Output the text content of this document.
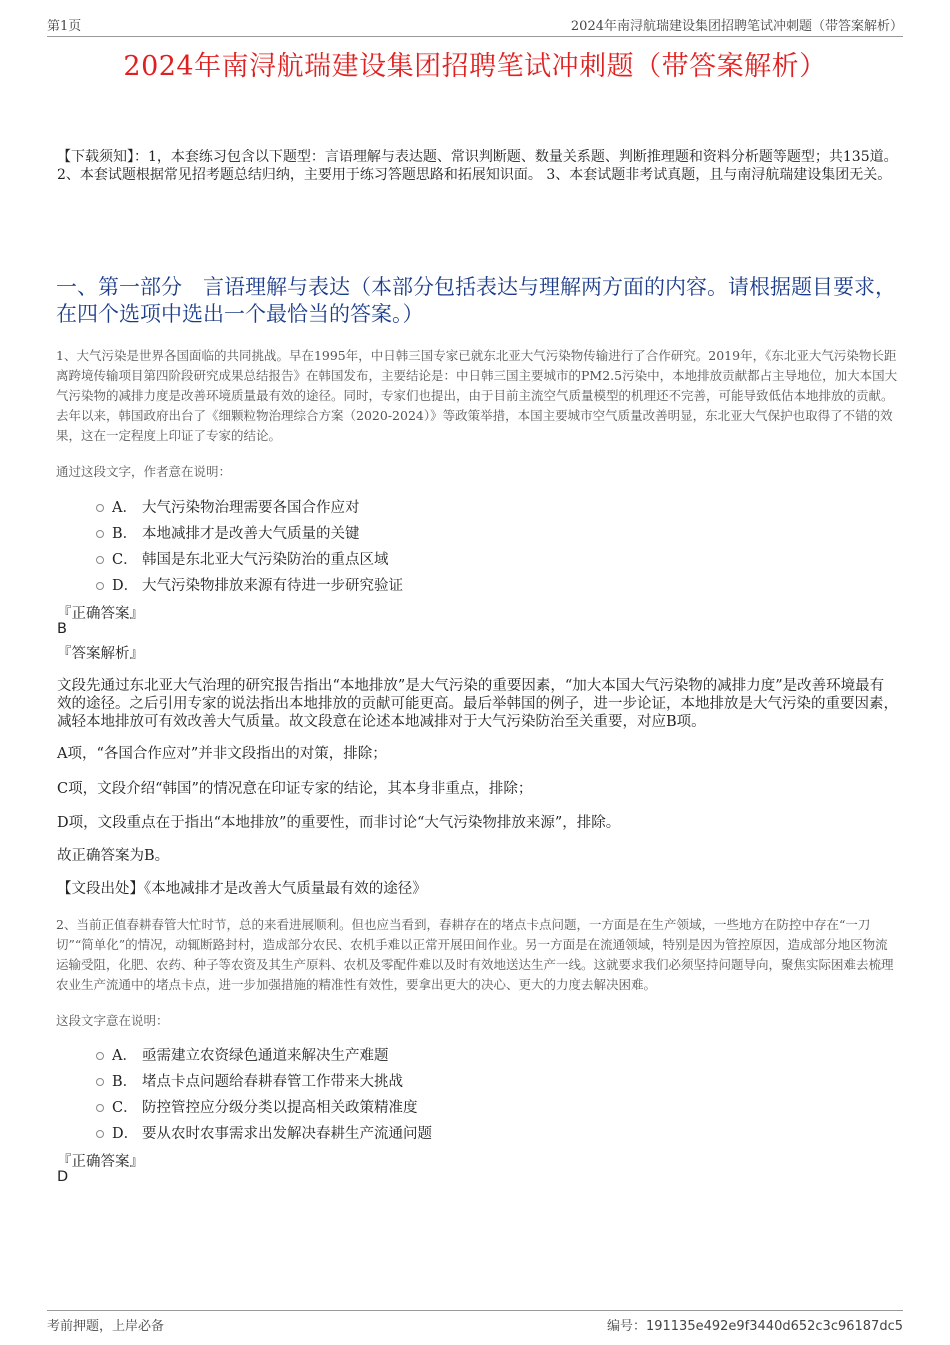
第1页	2024年南浔航瑞建设集团招聘笔试冲刺题（带答案解析）
2024年南浔航瑞建设集团招聘笔试冲刺题（带答案解析）
【下载须知】：1，本套练习包含以下题型：言语理解与表达题、常识判断题、数量关系题、判断推理题和资料分析题等题型；共135道。 2、本套试题根据常见招考题总结归纳，主要用于练习答题思路和拓展知识面。 3、本套试题非考试真题，且与南浔航瑞建设集团无关。
一、第一部分　言语理解与表达（本部分包括表达与理解两方面的内容。请根据题目要求，在四个选项中选出一个最恰当的答案。）
1、大气污染是世界各国面临的共同挑战。早在1995年，中日韩三国专家已就东北亚大气污染物传输进行了合作研究。2019年，《东北亚大气污染物长距离跨境传输项目第四阶段研究成果总结报告》在韩国发布，主要结论是：中日韩三国主要城市的PM2.5污染中，本地排放贡献都占主导地位，加大本国大气污染物的减排力度是改善环境质量最有效的途径。同时，专家们也提出，由于目前主流空气质量模型的机理还不完善，可能导致低估本地排放的贡献。去年以来，韩国政府出台了《细颗粒物治理综合方案（2020-2024）》等政策举措，本国主要城市空气质量改善明显，东北亚大气保护也取得了不错的效果，这在一定程度上印证了专家的结论。
通过这段文字，作者意在说明：
A． 大气污染物治理需要各国合作应对
B． 本地减排才是改善大气质量的关键
C． 韩国是东北亚大气污染防治的重点区域
D． 大气污染物排放来源有待进一步研究验证
『正确答案』
B
『答案解析』
文段先通过东北亚大气治理的研究报告指出“本地排放”是大气污染的重要因素，“加大本国大气污染物的减排力度”是改善环境最有效的途径。之后引用专家的说法指出本地排放的贡献可能更高。最后举韩国的例子，进一步论证，本地排放是大气污染的重要因素，减轻本地排放可有效改善大气质量。故文段意在论述本地减排对于大气污染防治至关重要，对应B项。
A项，“各国合作应对”并非文段指出的对策，排除；
C项，文段介绍“韩国”的情况意在印证专家的结论，其本身非重点，排除；
D项，文段重点在于指出“本地排放”的重要性，而非讨论“大气污染物排放来源”，排除。
故正确答案为B。
【文段出处】《本地减排才是改善大气质量最有效的途径》
2、当前正值春耕春管大忙时节，总的来看进展顺利。但也应当看到，春耕存在的堵点卡点问题，一方面是在生产领域，一些地方在防控中存在“一刀切”“简单化”的情况，动辄断路封村，造成部分农民、农机手难以正常开展田间作业。另一方面是在流通领域，特别是因为管控原因，造成部分地区物流运输受阻，化肥、农药、种子等农资及其生产原料、农机及零配件难以及时有效地送达生产一线。这就要求我们必须坚持问题导向，聚焦实际困难去梳理农业生产流通中的堵点卡点，进一步加强措施的精准性有效性，要拿出更大的决心、更大的力度去解决困难。
这段文字意在说明：
A． 亟需建立农资绿色通道来解决生产难题
B． 堵点卡点问题给春耕春管工作带来大挑战
C． 防控管控应分级分类以提高相关政策精准度
D． 要从农时农事需求出发解决春耕生产流通问题
『正确答案』
D
考前押题，上岸必备	编号：191135e492e9f3440d652c3c96187dc5
